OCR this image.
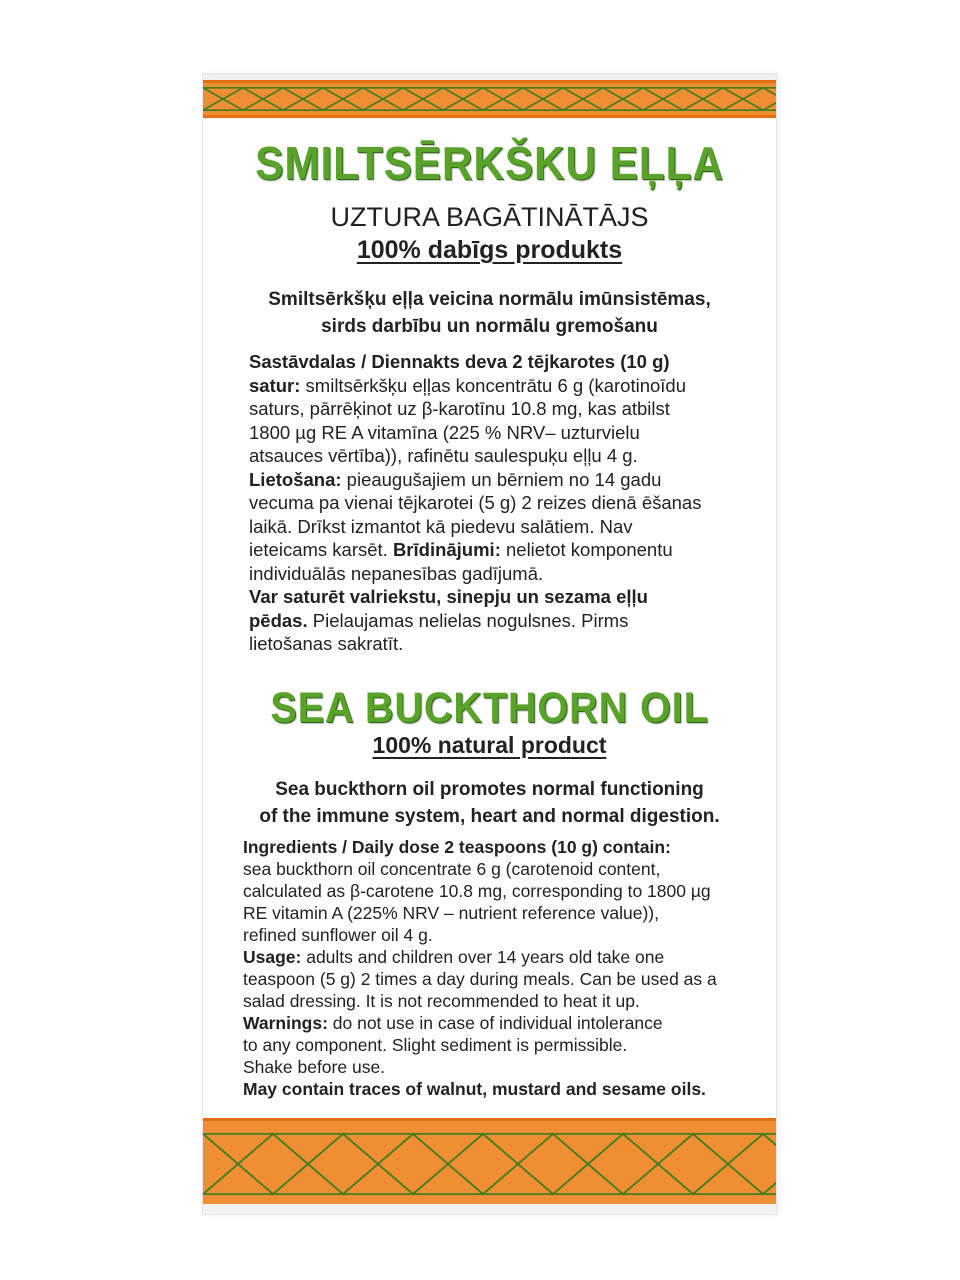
SMILTSĒRKŠKU EĻĻA
UZTURA BAGĀTINĀTĀJS
100% dabīgs produkts
Smiltsērkšķu eļļa veicina normālu imūnsistēmas,
sirds darbību un normālu gremošanu
Sastāvdalas / Diennakts deva 2 tējkarotes (10 g)
satur: smiltsērkšķu eļļas koncentrātu 6 g (karotinoīdu
saturs, pārrēķinot uz β-karotīnu 10.8 mg, kas atbilst
1800 µg RE A vitamīna (225 % NRV– uzturvielu
atsauces vērtība)), rafinētu saulespuķu eļļu 4 g.
Lietošana: pieaugušajiem un bērniem no 14 gadu
vecuma pa vienai tējkarotei (5 g) 2 reizes dienā ēšanas
laikā. Drīkst izmantot kā piedevu salātiem. Nav
ieteicams karsēt. Brīdinājumi: nelietot komponentu
individuālās nepanesības gadījumā.
Var saturēt valriekstu, sinepju un sezama eļļu
pēdas. Pielaujamas nelielas nogulsnes. Pirms
lietošanas sakratīt.
SEA BUCKTHORN OIL
100% natural product
Sea buckthorn oil promotes normal functioning
of the immune system, heart and normal digestion.
Ingredients / Daily dose 2 teaspoons (10 g) contain:
sea buckthorn oil concentrate 6 g (carotenoid content,
calculated as β-carotene 10.8 mg, corresponding to 1800 µg
RE vitamin A (225% NRV – nutrient reference value)),
refined sunflower oil 4 g.
Usage: adults and children over 14 years old take one
teaspoon (5 g) 2 times a day during meals. Can be used as a
salad dressing. It is not recommended to heat it up.
Warnings: do not use in case of individual intolerance
to any component. Slight sediment is permissible.
Shake before use.
May contain traces of walnut, mustard and sesame oils.
